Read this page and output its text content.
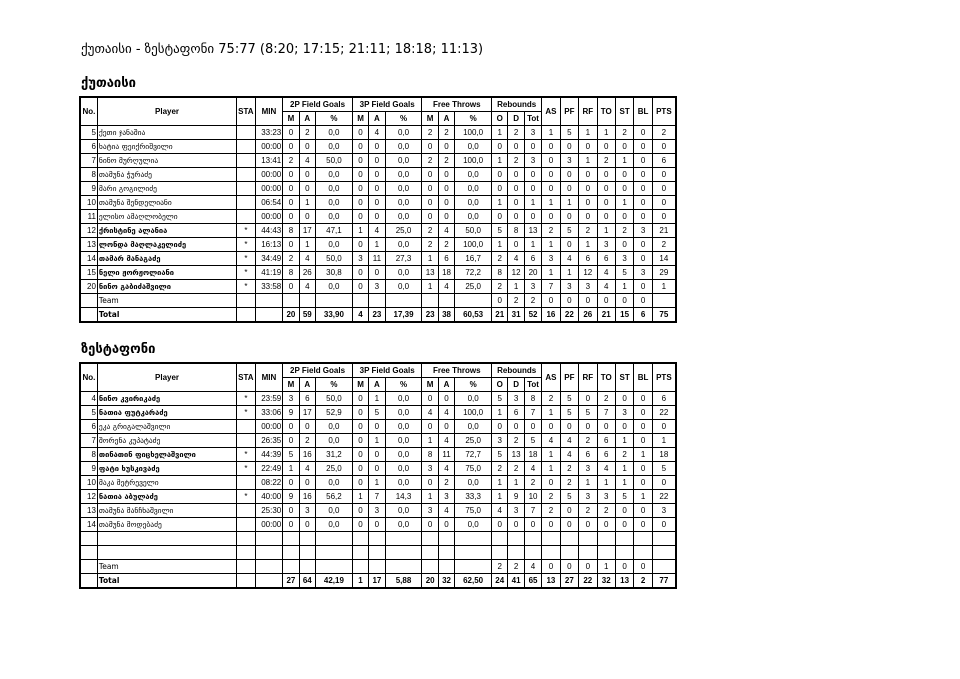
ქუთაისი - ზესტაფონი 75:77 (8:20; 17:15; 21:11; 18:18; 11:13)
ქუთაისი
No.	Player	STA	MIN	2P Field Goals			3P Field Goals			Free Throws			Rebounds			AS	PF	RF	TO	ST	BL	PTS
				M	A	%	M	A	%	M	A	%	O	D	Tot							
5	ქეთი ჯანაშია		33:23	0	2	0,0	0	4	0,0	2	2	100,0	1	2	3	1	5	1	1	2	0	2
6	ხატია ფეიქრიშვილი		00:00	0	0	0,0	0	0	0,0	0	0	0,0	0	0	0	0	0	0	0	0	0	0
7	ნინო მურღულია		13:41	2	4	50,0	0	0	0,0	2	2	100,0	1	2	3	0	3	1	2	1	0	6
8	თამუნა ჭურაძე		00:00	0	0	0,0	0	0	0,0	0	0	0,0	0	0	0	0	0	0	0	0	0	0
9	მარი გოგილიძე		00:00	0	0	0,0	0	0	0,0	0	0	0,0	0	0	0	0	0	0	0	0	0	0
10	თამუნა შენდელიანი		06:54	0	1	0,0	0	0	0,0	0	0	0,0	1	0	1	1	1	0	0	1	0	0
11	ელისო ამაღლობელი		00:00	0	0	0,0	0	0	0,0	0	0	0,0	0	0	0	0	0	0	0	0	0	0
12	ქრისტინე ალანია	*	44:43	8	17	47,1	1	4	25,0	2	4	50,0	5	8	13	2	5	2	1	2	3	21
13	ლონდა მაღლაკელიძე	*	16:13	0	1	0,0	0	1	0,0	2	2	100,0	1	0	1	1	0	1	3	0	0	2
14	თამარ მანაგაძე	*	34:49	2	4	50,0	3	11	27,3	1	6	16,7	2	4	6	3	4	6	6	3	0	14
15	ნელი ჟორჟოლიანი	*	41:19	8	26	30,8	0	0	0,0	13	18	72,2	8	12	20	1	1	12	4	5	3	29
20	ნინო გაბიძაშვილი	*	33:58	0	4	0,0	0	3	0,0	1	4	25,0	2	1	3	7	3	3	4	1	0	1
	Team												0	2	2	0	0	0	0	0	0	
	Total			20	59	33,90	4	23	17,39	23	38	60,53	21	31	52	16	22	26	21	15	6	75
ზესტაფონი
No.	Player	STA	MIN	2P Field Goals			3P Field Goals			Free Throws			Rebounds			AS	PF	RF	TO	ST	BL	PTS
				M	A	%	M	A	%	M	A	%	O	D	Tot							
4	ნინო კვირიკაძე	*	23:59	3	6	50,0	0	1	0,0	0	0	0,0	5	3	8	2	5	0	2	0	0	6
5	ნათია ფუტკარაძე	*	33:06	9	17	52,9	0	5	0,0	4	4	100,0	1	6	7	1	5	5	7	3	0	22
6	ეკა გრიგალაშვილი		00:00	0	0	0,0	0	0	0,0	0	0	0,0	0	0	0	0	0	0	0	0	0	0
7	შორენა კუპატაძე		26:35	0	2	0,0	0	1	0,0	1	4	25,0	3	2	5	4	4	2	6	1	0	1
8	თინათინ ფიცხელაშვილი	*	44:39	5	16	31,2	0	0	0,0	8	11	72,7	5	13	18	1	4	6	6	2	1	18
9	ფატი ხუსკივაძე	*	22:49	1	4	25,0	0	0	0,0	3	4	75,0	2	2	4	1	2	3	4	1	0	5
10	მაკა მეტრეველი		08:22	0	0	0,0	0	1	0,0	0	2	0,0	1	1	2	0	2	1	1	1	0	0
12	ნათია აბულაძე	*	40:00	9	16	56,2	1	7	14,3	1	3	33,3	1	9	10	2	5	3	3	5	1	22
13	თამუნა მანჩხაშვილი		25:30	0	3	0,0	0	3	0,0	3	4	75,0	4	3	7	2	0	2	2	0	0	3
14	თამუნა მოდებაძე		00:00	0	0	0,0	0	0	0,0	0	0	0,0	0	0	0	0	0	0	0	0	0	0

	Team												2	2	4	0	0	0	1	0	0	
	Total			27	64	42,19	1	17	5,88	20	32	62,50	24	41	65	13	27	22	32	13	2	77
